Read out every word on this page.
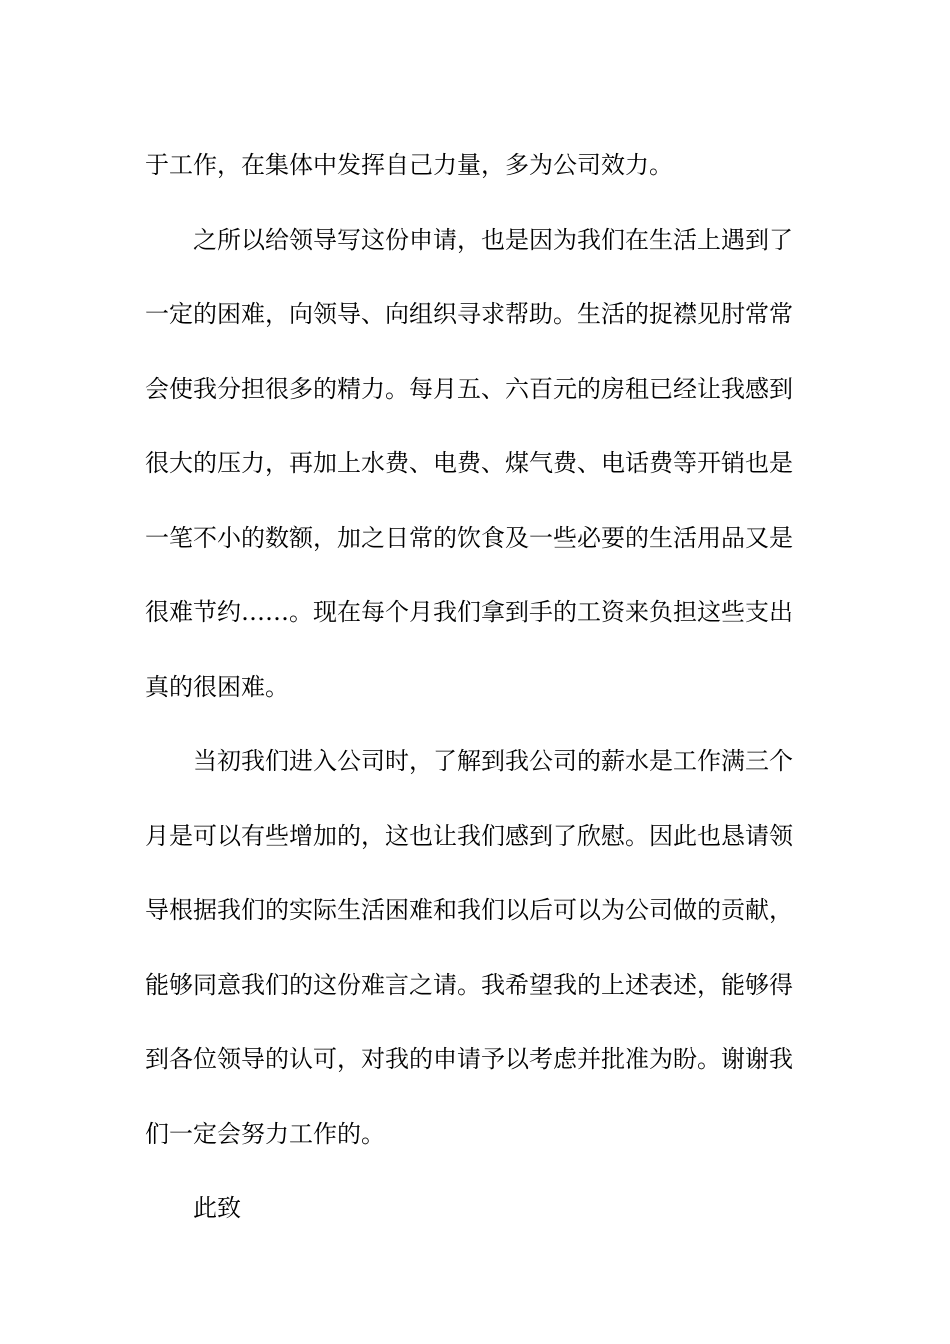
于工作，在集体中发挥自己力量，多为公司效力。
之所以给领导写这份申请，也是因为我们在生活上遇到了
一定的困难，向领导、向组织寻求帮助。生活的捉襟见肘常常
会使我分担很多的精力。每月五、六百元的房租已经让我感到
很大的压力，再加上水费、电费、煤气费、电话费等开销也是
一笔不小的数额，加之日常的饮食及一些必要的生活用品又是
很难节约……。现在每个月我们拿到手的工资来负担这些支出
真的很困难。
当初我们进入公司时，了解到我公司的薪水是工作满三个
月是可以有些增加的，这也让我们感到了欣慰。因此也恳请领
导根据我们的实际生活困难和我们以后可以为公司做的贡献，
能够同意我们的这份难言之请。我希望我的上述表述，能够得
到各位领导的认可，对我的申请予以考虑并批准为盼。谢谢我
们一定会努力工作的。
此致
